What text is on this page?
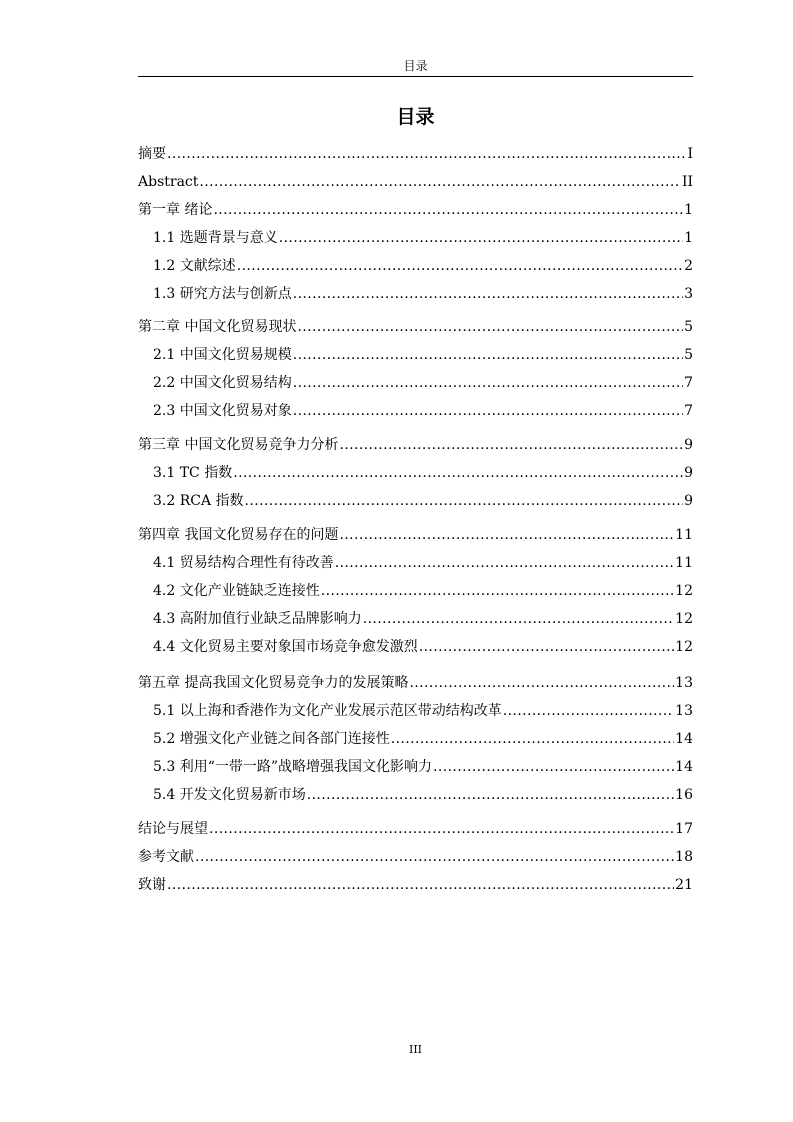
目录
目录
摘要 .....	I
Abstract .....	II
第一章 绪论 .....	1
1.1 选题背景与意义 .....	1
1.2 文献综述 .....	2
1.3 研究方法与创新点 .....	3
第二章 中国文化贸易现状 .....	5
2.1 中国文化贸易规模 .....	5
2.2 中国文化贸易结构 .....	7
2.3 中国文化贸易对象 .....	7
第三章 中国文化贸易竞争力分析 .....	9
3.1 TC 指数 .....	9
3.2 RCA 指数 .....	9
第四章 我国文化贸易存在的问题 .....	11
4.1 贸易结构合理性有待改善 .....	11
4.2 文化产业链缺乏连接性 .....	12
4.3 高附加值行业缺乏品牌影响力 .....	12
4.4 文化贸易主要对象国市场竞争愈发激烈 .....	12
第五章 提高我国文化贸易竞争力的发展策略 .....	13
5.1 以上海和香港作为文化产业发展示范区带动结构改革 .....	13
5.2 增强文化产业链之间各部门连接性 .....	14
5.3 利用“一带一路”战略增强我国文化影响力 .....	14
5.4 开发文化贸易新市场 .....	16
结论与展望 .....	17
参考文献 .....	18
致谢 .....	21
III
